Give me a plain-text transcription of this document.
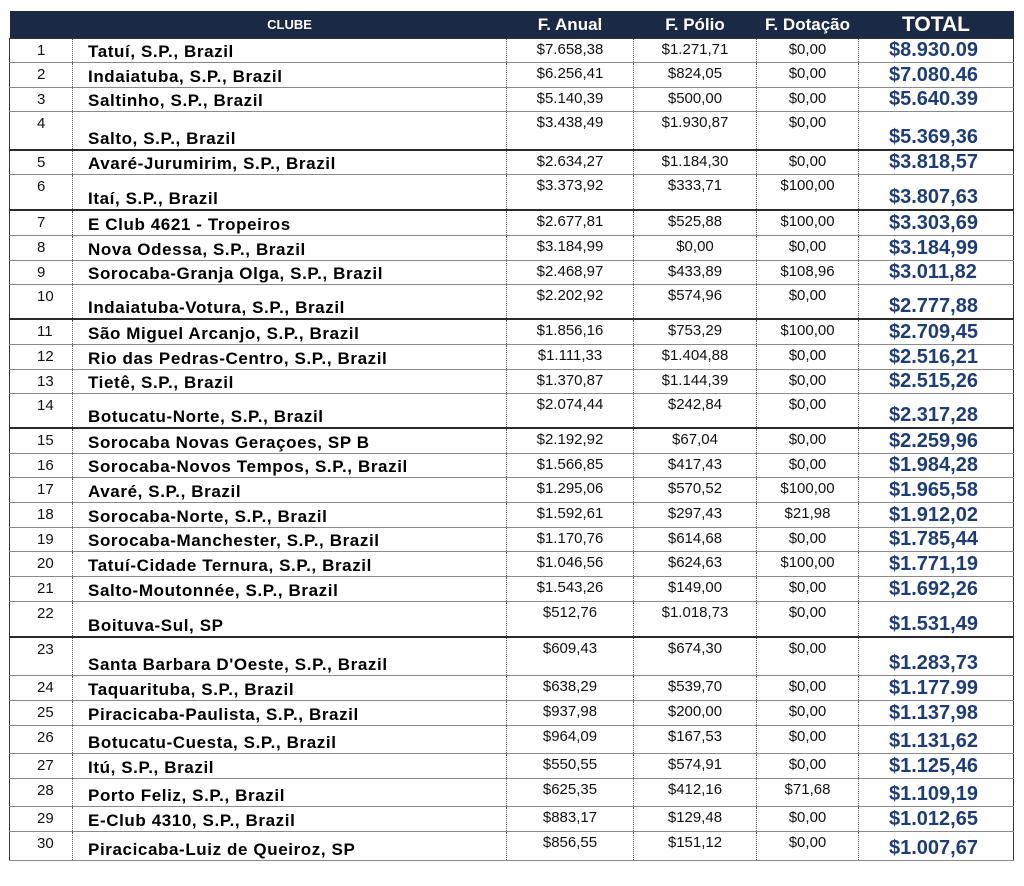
	CLUBE	F. Anual	F. Pólio	F. Dotação	TOTAL
1	Tatuí, S.P., Brazil	$7.658,38	$1.271,71	$0,00	$8.930.09
2	Indaiatuba, S.P., Brazil	$6.256,41	$824,05	$0,00	$7.080.46
3	Saltinho, S.P., Brazil	$5.140,39	$500,00	$0,00	$5.640.39
4	Salto, S.P., Brazil	$3.438,49	$1.930,87	$0,00	$5.369,36
5	Avaré-Jurumirim, S.P., Brazil	$2.634,27	$1.184,30	$0,00	$3.818,57
6	Itaí, S.P., Brazil	$3.373,92	$333,71	$100,00	$3.807,63
7	E Club 4621 - Tropeiros	$2.677,81	$525,88	$100,00	$3.303,69
8	Nova Odessa, S.P., Brazil	$3.184,99	$0,00	$0,00	$3.184,99
9	Sorocaba-Granja Olga, S.P., Brazil	$2.468,97	$433,89	$108,96	$3.011,82
10	Indaiatuba-Votura, S.P., Brazil	$2.202,92	$574,96	$0,00	$2.777,88
11	São Miguel Arcanjo, S.P., Brazil	$1.856,16	$753,29	$100,00	$2.709,45
12	Rio das Pedras-Centro, S.P., Brazil	$1.111,33	$1.404,88	$0,00	$2.516,21
13	Tietê, S.P., Brazil	$1.370,87	$1.144,39	$0,00	$2.515,26
14	Botucatu-Norte, S.P., Brazil	$2.074,44	$242,84	$0,00	$2.317,28
15	Sorocaba Novas Geraçoes, SP B	$2.192,92	$67,04	$0,00	$2.259,96
16	Sorocaba-Novos Tempos, S.P., Brazil	$1.566,85	$417,43	$0,00	$1.984,28
17	Avaré, S.P., Brazil	$1.295,06	$570,52	$100,00	$1.965,58
18	Sorocaba-Norte, S.P., Brazil	$1.592,61	$297,43	$21,98	$1.912,02
19	Sorocaba-Manchester, S.P., Brazil	$1.170,76	$614,68	$0,00	$1.785,44
20	Tatuí-Cidade Ternura, S.P., Brazil	$1.046,56	$624,63	$100,00	$1.771,19
21	Salto-Moutonnée, S.P., Brazil	$1.543,26	$149,00	$0,00	$1.692,26
22	Boituva-Sul, SP	$512,76	$1.018,73	$0,00	$1.531,49
23	Santa Barbara D'Oeste, S.P., Brazil	$609,43	$674,30	$0,00	$1.283,73
24	Taquarituba, S.P., Brazil	$638,29	$539,70	$0,00	$1.177.99
25	Piracicaba-Paulista, S.P., Brazil	$937,98	$200,00	$0,00	$1.137,98
26	Botucatu-Cuesta, S.P., Brazil	$964,09	$167,53	$0,00	$1.131,62
27	Itú, S.P., Brazil	$550,55	$574,91	$0,00	$1.125,46
28	Porto Feliz, S.P., Brazil	$625,35	$412,16	$71,68	$1.109,19
29	E-Club 4310, S.P., Brazil	$883,17	$129,48	$0,00	$1.012,65
30	Piracicaba-Luiz de Queiroz, SP	$856,55	$151,12	$0,00	$1.007,67
